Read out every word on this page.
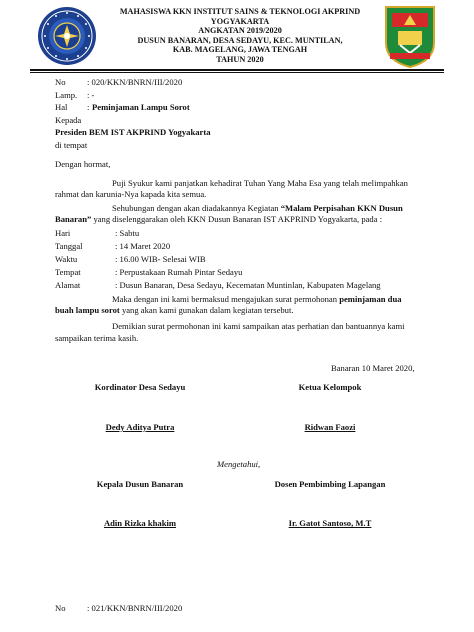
MAHASISWA KKN INSTITUT SAINS & TEKNOLOGI AKPRIND
YOGYAKARTA
ANGKATAN 2019/2020
DUSUN BANARAN, DESA SEDAYU, KEC. MUNTILAN,
KAB. MAGELANG, JAWA TENGAH
TAHUN 2020
No : 020/KKN/BNRN/III/2020
Lamp. : -
Hal : Peminjaman Lampu Sorot
Kepada
Presiden BEM IST AKPRIND Yogyakarta
di tempat
Dengan hormat,
Puji Syukur kami panjatkan kehadirat Tuhan Yang Maha Esa yang telah melimpahkan
rahmat dan karunia-Nya kapada kita semua.
Sehubungan dengan akan diadakannya Kegiatan “Malam Perpisahan KKN Dusun
Banaran” yang diselenggarakan oleh KKN Dusun Banaran IST AKPRIND Yogyakarta, pada :
Hari	: Sabtu
Tanggal	: 14 Maret 2020
Waktu	: 16.00 WIB- Selesai WIB
Tempat	: Perpustakaan Rumah Pintar Sedayu
Alamat	: Dusun Banaran, Desa Sedayu, Kecematan Muntinlan, Kabupaten Magelang
Maka dengan ini kami bermaksud mengajukan surat permohonan peminjaman dua
buah lampu sorot yang akan kami gunakan dalam kegiatan tersebut.
Demikian surat permohonan ini kami sampaikan atas perhatian dan bantuannya kami
sampaikan terima kasih.
Banaran 10 Maret 2020,
Kordinator Desa Sedayu	Ketua Kelompok
Dedy Aditya Putra	Ridwan Faozi
Mengetahui,
Kepala Dusun Banaran	Dosen Pembimbing Lapangan
Adin Rizka khakim	Ir. Gatot Santoso, M.T
No : 021/KKN/BNRN/III/2020
